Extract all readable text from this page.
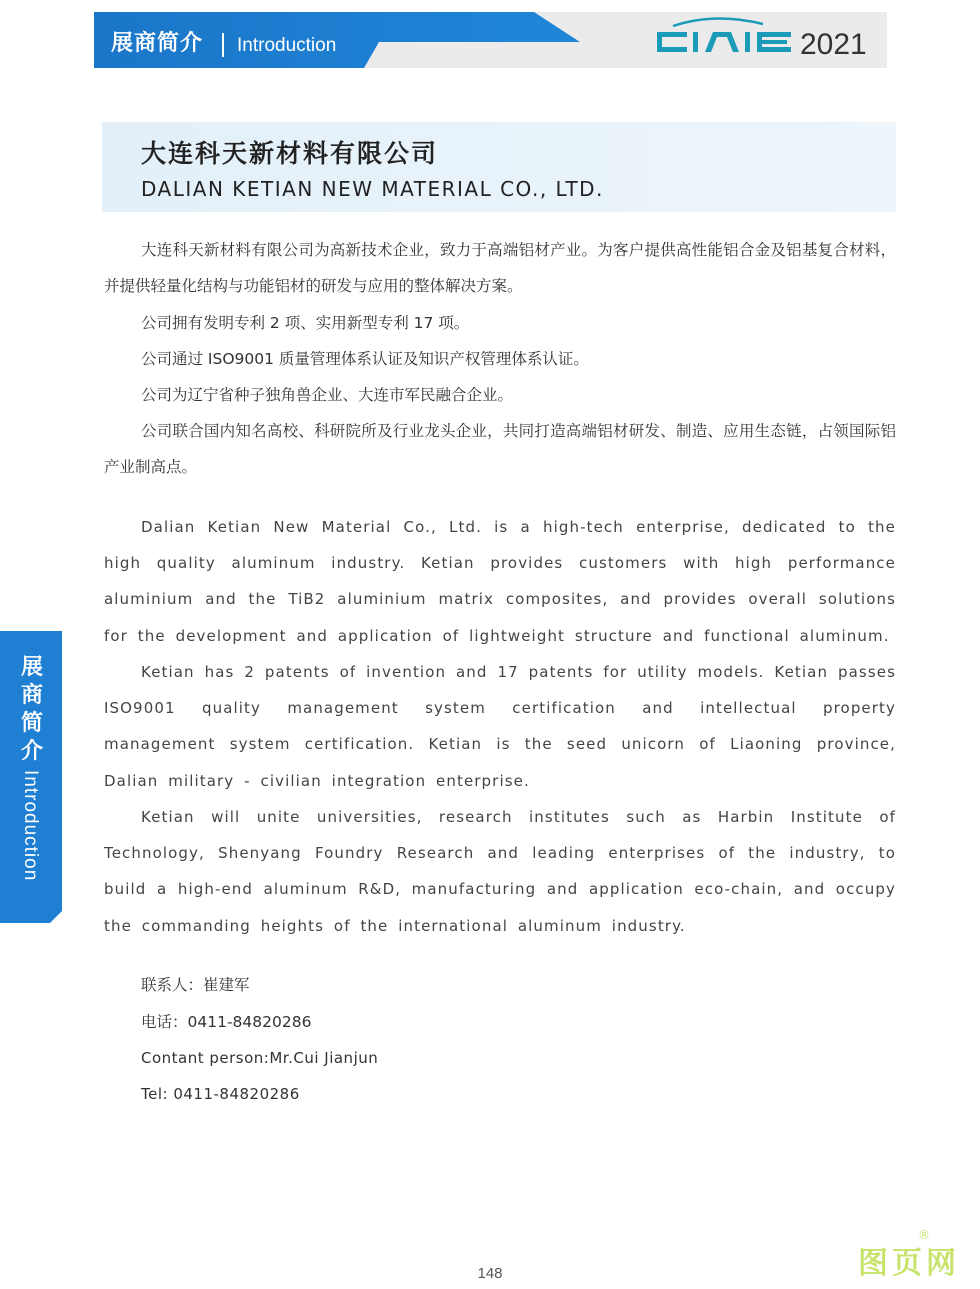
展商简介 Introduction	2021
大连科天新材料有限公司
DALIAN KETIAN NEW MATERIAL CO., LTD.

大连科天新材料有限公司为高新技术企业，致力于高端铝材产业。为客户提供高性能铝合金及铝基复合材料，并提供轻量化结构与功能铝材的研发与应用的整体解决方案。

公司拥有发明专利 2 项、实用新型专利 17 项。

公司通过 ISO9001 质量管理体系认证及知识产权管理体系认证。

公司为辽宁省种子独角兽企业、大连市军民融合企业。

公司联合国内知名高校、科研院所及行业龙头企业，共同打造高端铝材研发、制造、应用生态链，占领国际铝产业制高点。

Dalian Ketian New Material Co., Ltd. is a high-tech enterprise, dedicated to the high quality aluminum industry. Ketian provides customers with high performance aluminium and the TiB2 aluminium matrix composites, and provides overall solutions for the development and application of lightweight structure and functional aluminum.

Ketian has 2 patents of invention and 17 patents for utility models. Ketian passes ISO9001 quality management system certification and intellectual property management system certification. Ketian is the seed unicorn of Liaoning province, Dalian military - civilian integration enterprise.

Ketian will unite universities, research institutes such as Harbin Institute of Technology, Shenyang Foundry Research and leading enterprises of the industry, to build a high-end aluminum R&D, manufacturing and application eco-chain, and occupy the commanding heights of the international aluminum industry.

联系人：崔建军
电话：0411-84820286
Contant person:Mr.Cui Jianjun
Tel: 0411-84820286
展
商
简
介
Introduction
148	图页网
®
